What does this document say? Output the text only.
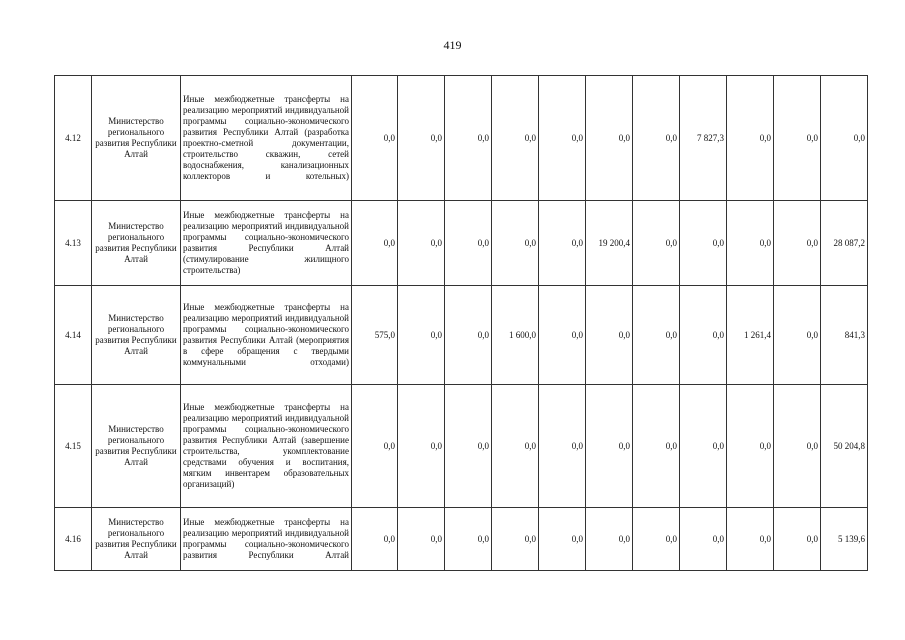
419
4.12	Министерство регионального развития Республики Алтай	Иные межбюджетные трансферты на реализацию мероприятий индивидуальной программы социально-экономического развития Республики Алтай (разработка проектно-сметной документации, строительство скважин, сетей водоснабжения, канализационных коллекторов и котельных)	0,0	0,0	0,0	0,0	0,0	0,0	0,0	7 827,3	0,0	0,0	0,0
4.13	Министерство регионального развития Республики Алтай	Иные межбюджетные трансферты на реализацию мероприятий индивидуальной программы социально-экономического развития Республики Алтай (стимулирование жилищного строительства)	0,0	0,0	0,0	0,0	0,0	19 200,4	0,0	0,0	0,0	0,0	28 087,2
4.14	Министерство регионального развития Республики Алтай	Иные межбюджетные трансферты на реализацию мероприятий индивидуальной программы социально-экономического развития Республики Алтай (мероприятия в сфере обращения с твердыми коммунальными отходами)	575,0	0,0	0,0	1 600,0	0,0	0,0	0,0	0,0	1 261,4	0,0	841,3
4.15	Министерство регионального развития Республики Алтай	Иные межбюджетные трансферты на реализацию мероприятий индивидуальной программы социально-экономического развития Республики Алтай (завершение строительства, укомплектование средствами обучения и воспитания, мягким инвентарем образовательных организаций)	0,0	0,0	0,0	0,0	0,0	0,0	0,0	0,0	0,0	0,0	50 204,8
4.16	Министерство регионального развития Республики Алтай	Иные межбюджетные трансферты на реализацию мероприятий индивидуальной программы социально-экономического развития Республики Алтай	0,0	0,0	0,0	0,0	0,0	0,0	0,0	0,0	0,0	0,0	5 139,6
